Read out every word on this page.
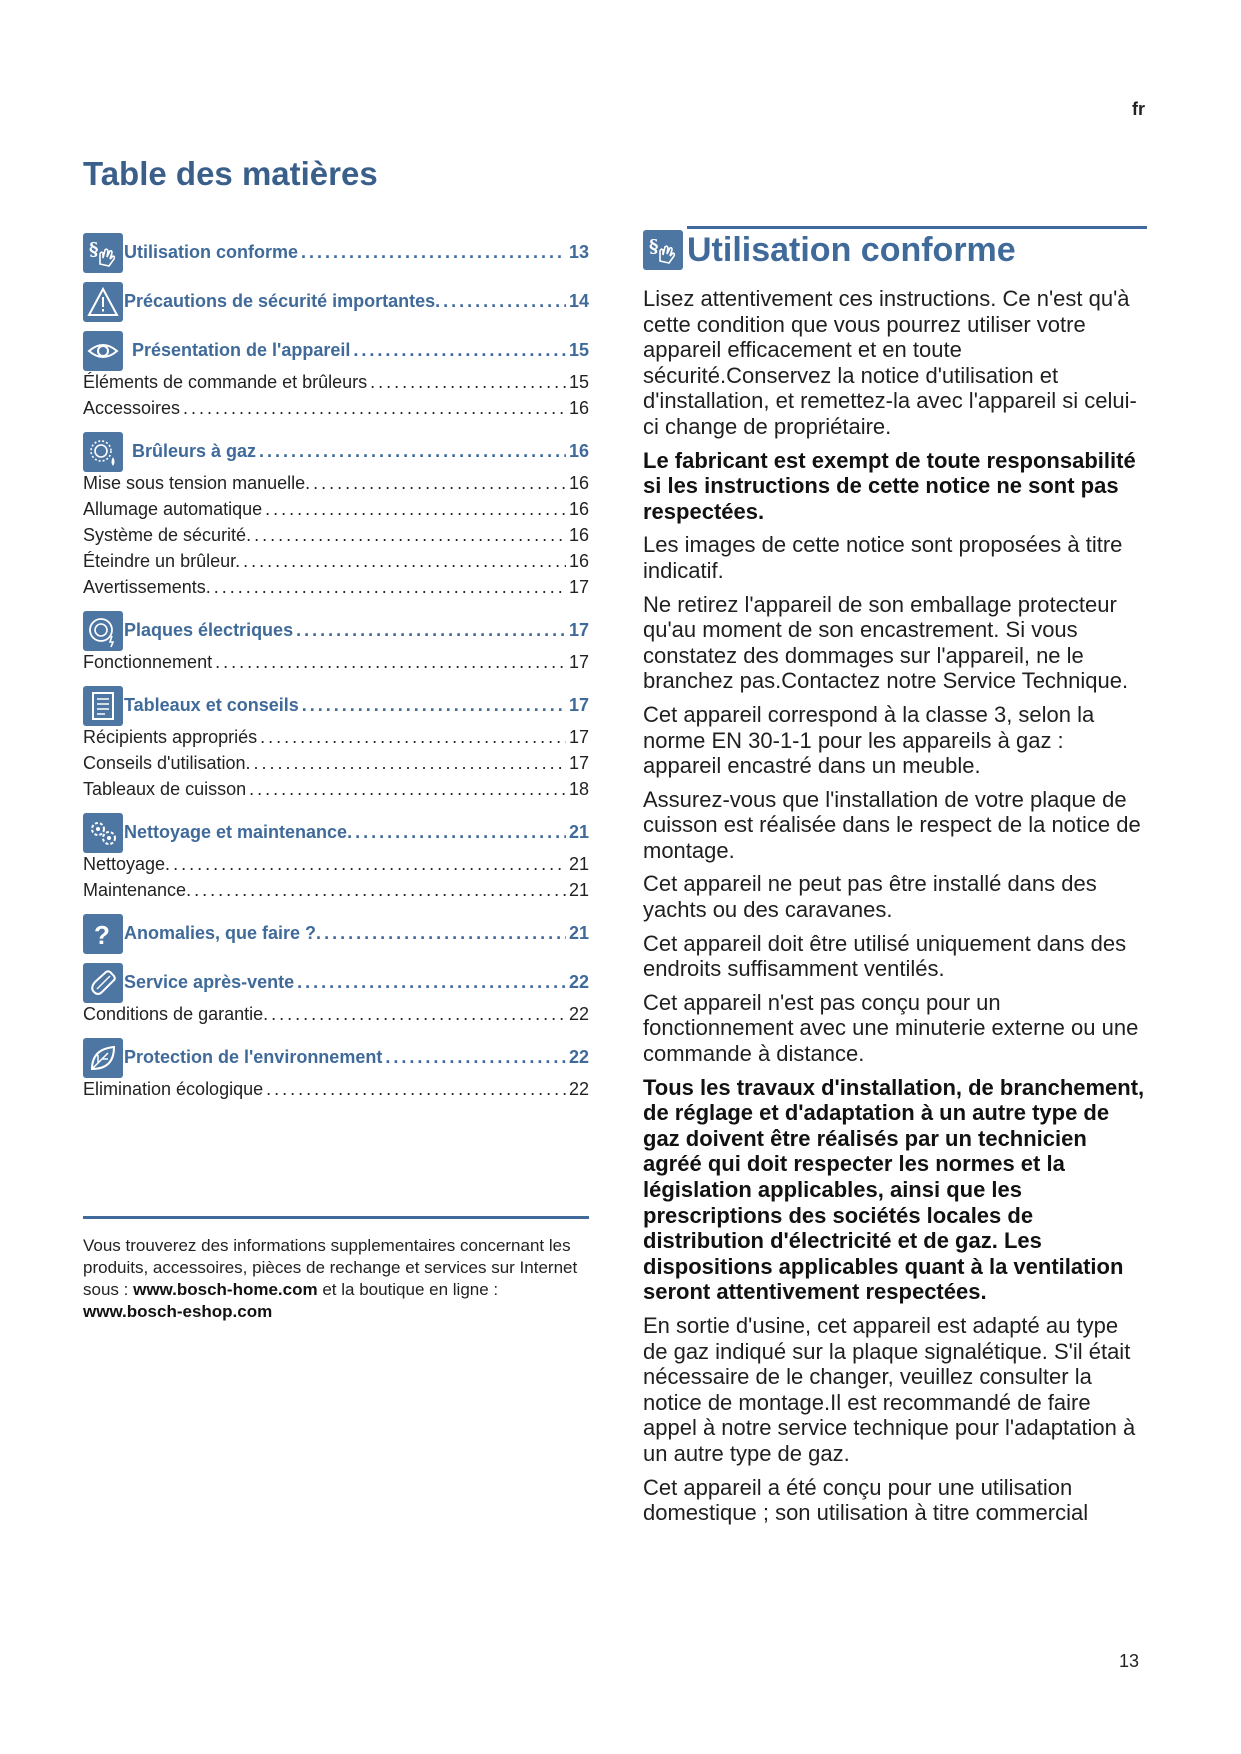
fr
Table des matières
§ Utilisation conforme .....	13
Précautions de sécurité importantes. .....	14
Présentation de l'appareil .....	15
Éléments de commande et brûleurs .....	15
Accessoires .....	16
Brûleurs à gaz .....	16
Mise sous tension manuelle. .....	16
Allumage automatique .....	16
Système de sécurité. .....	16
Éteindre un brûleur. .....	16
Avertissements. .....	17
Plaques électriques .....	17
Fonctionnement .....	17
Tableaux et conseils .....	17
Récipients appropriés .....	17
Conseils d'utilisation. .....	17
Tableaux de cuisson .....	18
Nettoyage et maintenance. .....	21
Nettoyage. .....	21
Maintenance. .....	21
? Anomalies, que faire ?. .....	21
Service après-vente .....	22
Conditions de garantie. .....	22
Protection de l'environnement .....	22
Elimination écologique .....	22
Vous trouverez des informations supplementaires concernant les produits, accessoires, pièces de rechange et services sur Internet sous : www.bosch-home.com et la boutique en ligne : www.bosch-eshop.com
§ Utilisation conforme

Lisez attentivement ces instructions. Ce n'est qu'à cette condition que vous pourrez utiliser votre appareil efficacement et en toute sécurité.Conservez la notice d'utilisation et d'installation, et remettez-la avec l'appareil si celui-ci change de propriétaire.

Le fabricant est exempt de toute responsabilité si les instructions de cette notice ne sont pas respectées.

Les images de cette notice sont proposées à titre indicatif.

Ne retirez l'appareil de son emballage protecteur qu'au moment de son encastrement. Si vous constatez des dommages sur l'appareil, ne le branchez pas.Contactez notre Service Technique.

Cet appareil correspond à la classe 3, selon la norme EN 30-1-1 pour les appareils à gaz : appareil encastré dans un meuble.

Assurez-vous que l'installation de votre plaque de cuisson est réalisée dans le respect de la notice de montage.

Cet appareil ne peut pas être installé dans des yachts ou des caravanes.

Cet appareil doit être utilisé uniquement dans des endroits suffisamment ventilés.

Cet appareil n'est pas conçu pour un fonctionnement avec une minuterie externe ou une commande à distance.

Tous les travaux d'installation, de branchement, de réglage et d'adaptation à un autre type de gaz doivent être réalisés par un technicien agréé qui doit respecter les normes et la législation applicables, ainsi que les prescriptions des sociétés locales de distribution d'électricité et de gaz. Les dispositions applicables quant à la ventilation seront attentivement respectées.

En sortie d'usine, cet appareil est adapté au type de gaz indiqué sur la plaque signalétique. S'il était nécessaire de le changer, veuillez consulter la notice de montage.Il est recommandé de faire appel à notre service technique pour l'adaptation à un autre type de gaz.

Cet appareil a été conçu pour une utilisation domestique ; son utilisation à titre commercial

13
